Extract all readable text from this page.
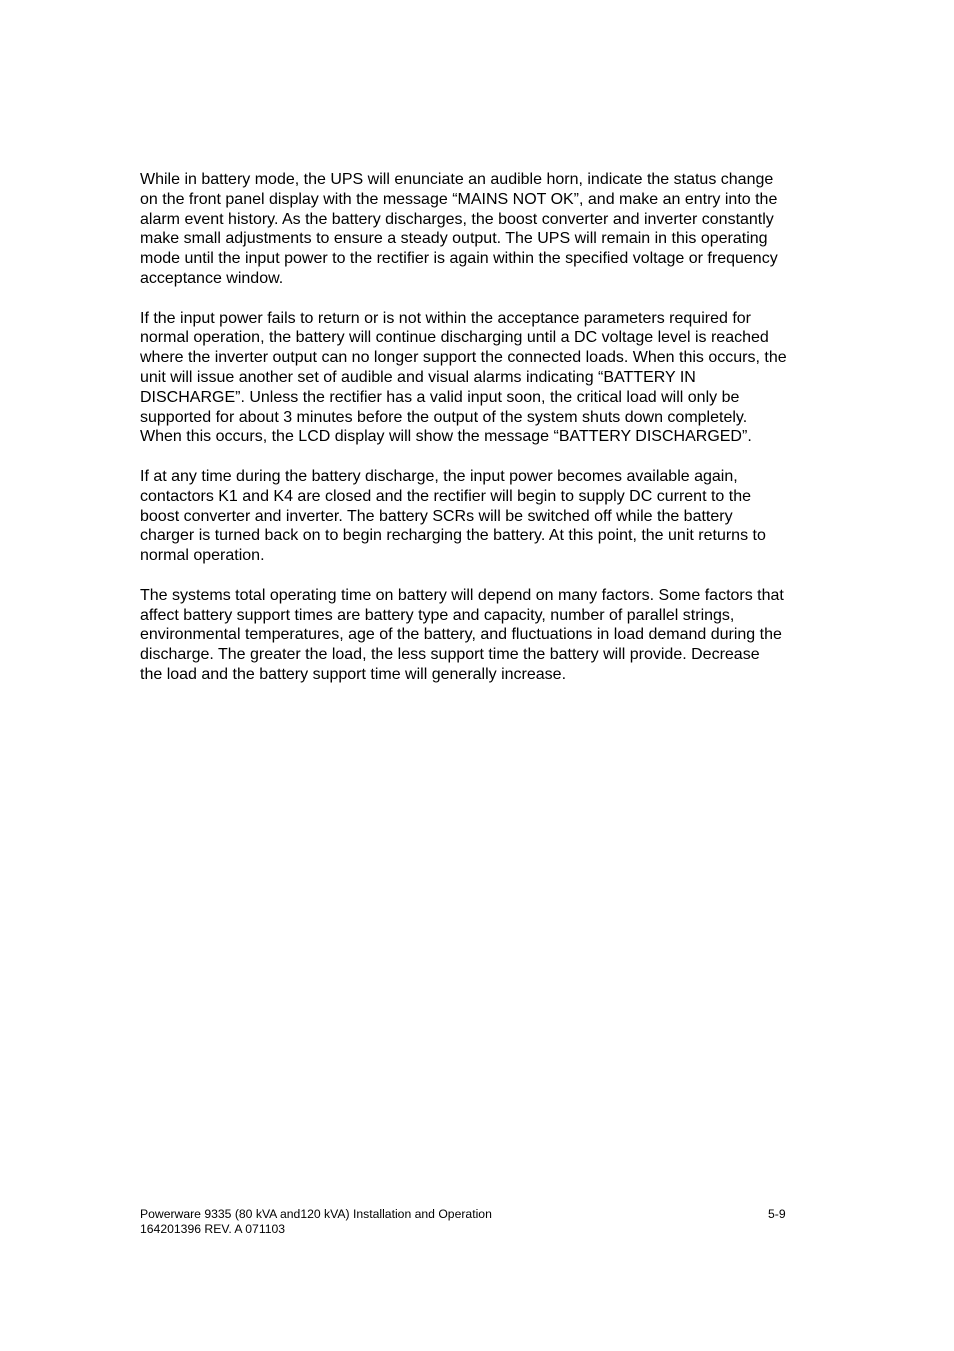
While in battery mode, the UPS will enunciate an audible horn, indicate the status change
on the front panel display with the message “MAINS NOT OK”, and make an entry into the
alarm event history. As the battery discharges, the boost converter and inverter constantly
make small adjustments to ensure a steady output. The UPS will remain in this operating
mode until the input power to the rectifier is again within the specified voltage or frequency
acceptance window.

If the input power fails to return or is not within the acceptance parameters required for
normal operation, the battery will continue discharging until a DC voltage level is reached
where the inverter output can no longer support the connected loads. When this occurs, the
unit will issue another set of audible and visual alarms indicating “BATTERY IN
DISCHARGE”. Unless the rectifier has a valid input soon, the critical load will only be
supported for about 3 minutes before the output of the system shuts down completely.
When this occurs, the LCD display will show the message “BATTERY DISCHARGED”.

If at any time during the battery discharge, the input power becomes available again,
contactors K1 and K4 are closed and the rectifier will begin to supply DC current to the
boost converter and inverter. The battery SCRs will be switched off while the battery
charger is turned back on to begin recharging the battery. At this point, the unit returns to
normal operation.

The systems total operating time on battery will depend on many factors. Some factors that
affect battery support times are battery type and capacity, number of parallel strings,
environmental temperatures, age of the battery, and fluctuations in load demand during the
discharge. The greater the load, the less support time the battery will provide. Decrease
the load and the battery support time will generally increase.

Powerware 9335 (80 kVA and120 kVA) Installation and Operation
164201396 REV. A 071103
5-9
